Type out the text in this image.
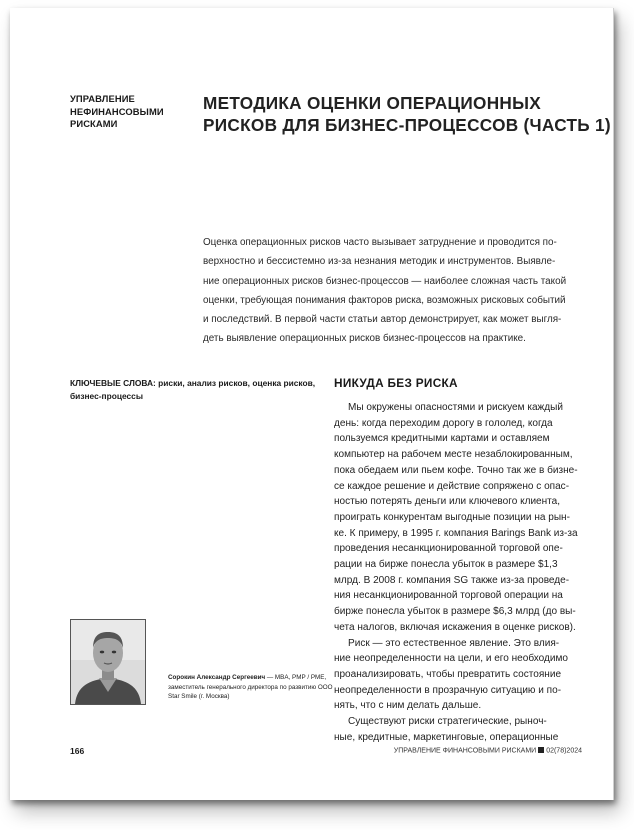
УПРАВЛЕНИЕ
НЕФИНАНСОВЫМИ
РИСКАМИ
МЕТОДИКА ОЦЕНКИ ОПЕРАЦИОННЫХ
РИСКОВ ДЛЯ БИЗНЕС-ПРОЦЕССОВ (ЧАСТЬ 1)
Оценка операционных рисков часто вызывает затруднение и проводится по-
верхностно и бессистемно из-за незнания методик и инструментов. Выявле-
ние операционных рисков бизнес-процессов — наиболее сложная часть такой
оценки, требующая понимания факторов риска, возможных рисковых событий
и последствий. В первой части статьи автор демонстрирует, как может выгля-
деть выявление операционных рисков бизнес-процессов на практике.
КЛЮЧЕВЫЕ СЛОВА: риски, анализ рисков, оценка рисков,
бизнес-процессы
НИКУДА БЕЗ РИСКА
Мы окружены опасностями и рискуем каждый
день: когда переходим дорогу в гололед, когда
пользуемся кредитными картами и оставляем
компьютер на рабочем месте незаблокированным,
пока обедаем или пьем кофе. Точно так же в бизне-
се каждое решение и действие сопряжено с опас-
ностью потерять деньги или ключевого клиента,
проиграть конкурентам выгодные позиции на рын-
ке. К примеру, в 1995 г. компания Barings Bank из-за
проведения несанкционированной торговой опе-
рации на бирже понесла убыток в размере $1,3
млрд. В 2008 г. компания SG также из-за проведе-
ния несанкционированной торговой операции на
бирже понесла убыток в размере $6,3 млрд (до вы-
чета налогов, включая искажения в оценке рисков).
Риск — это естественное явление. Это влия-
ние неопределенности на цели, и его необходимо
проанализировать, чтобы превратить состояние
неопределенности в прозрачную ситуацию и по-
нять, что с ним делать дальше.
Существуют риски стратегические, рыноч-
ные, кредитные, маркетинговые, операционные
Сорокин Александр Сергеевич — MBA, PMP / PME,
заместитель генерального директора по развитию ООО
Star Smile (г. Москва)
166	УПРАВЛЕНИЕ ФИНАНСОВЫМИ РИСКАМИ 02(78)2024
